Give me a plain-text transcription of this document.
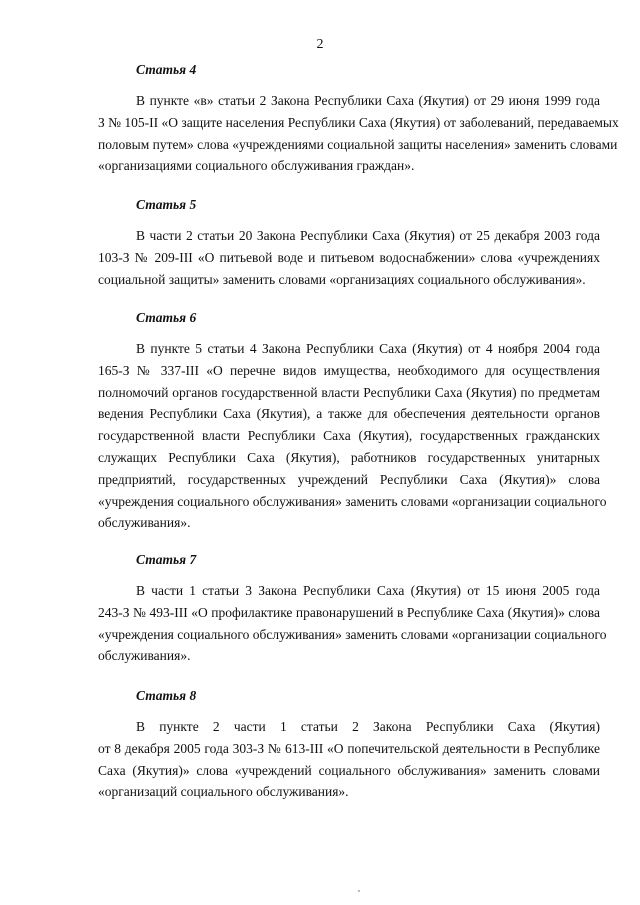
2
Статья 4
В пункте «в» статьи 2 Закона Республики Саха (Якутия) от 29 июня 1999 года
З № 105-II «О защите населения Республики Саха (Якутия) от заболеваний, передаваемых
половым путем» слова «учреждениями социальной защиты населения» заменить словами
«организациями социального обслуживания граждан».
Статья 5
В части 2 статьи 20 Закона Республики Саха (Якутия) от 25 декабря 2003 года
103-З № 209-III «О питьевой воде и питьевом водоснабжении» слова «учреждениях
социальной защиты» заменить словами «организациях социального обслуживания».
Статья 6
В пункте 5 статьи 4 Закона Республики Саха (Якутия) от 4 ноября 2004 года
165-З № 337-III «О перечне видов имущества, необходимого для осуществления
полномочий органов государственной власти Республики Саха (Якутия) по предметам
ведения Республики Саха (Якутия), а также для обеспечения деятельности органов
государственной власти Республики Саха (Якутия), государственных гражданских
служащих Республики Саха (Якутия), работников государственных унитарных
предприятий, государственных учреждений Республики Саха (Якутия)» слова
«учреждения социального обслуживания» заменить словами «организации социального
обслуживания».
Статья 7
В части 1 статьи 3 Закона Республики Саха (Якутия) от 15 июня 2005 года
243-З № 493-III «О профилактике правонарушений в Республике Саха (Якутия)» слова
«учреждения социального обслуживания» заменить словами «организации социального
обслуживания».
Статья 8
В пункте 2 части 1 статьи 2 Закона Республики Саха (Якутия)
от 8 декабря 2005 года 303-З № 613-III «О попечительской деятельности в Республике
Саха (Якутия)» слова «учреждений социального обслуживания» заменить словами
«организаций социального обслуживания».
